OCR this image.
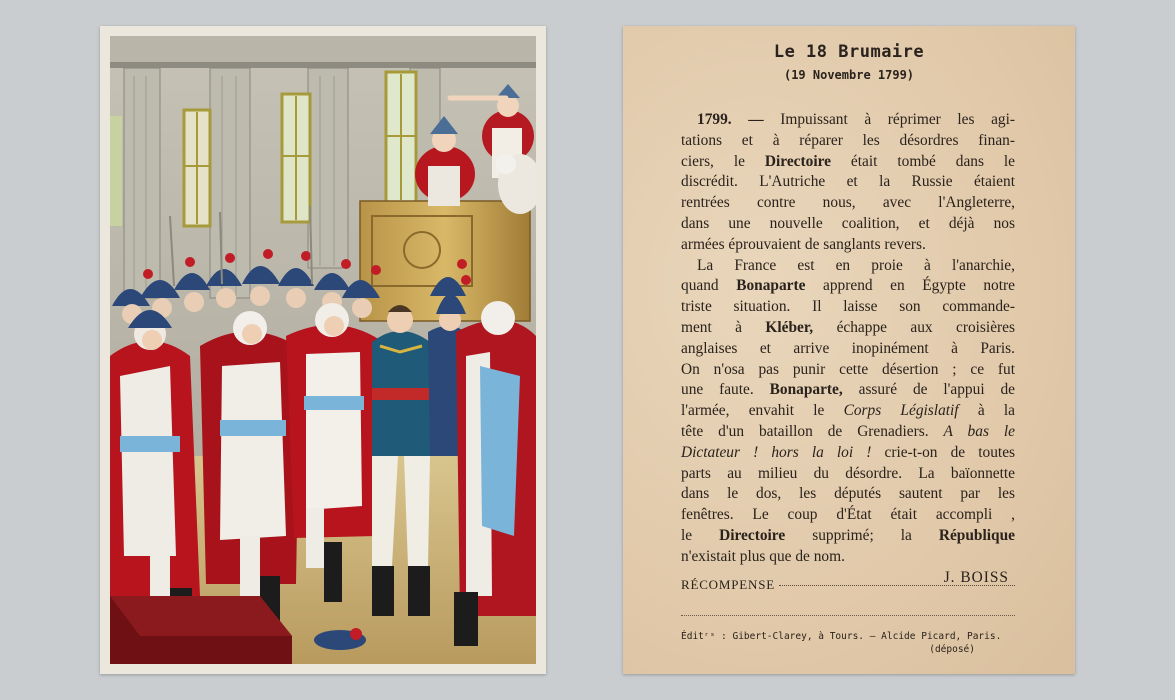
Le 18 Brumaire
(19 Novembre 1799)
1799. — Impuissant à réprimer les agi-
tations et à réparer les désordres finan-
ciers, le Directoire était tombé dans le
discrédit. L'Autriche et la Russie étaient
rentrées contre nous, avec l'Angleterre,
dans une nouvelle coalition, et déjà nos
armées éprouvaient de sanglants revers.
La France est en proie à l'anarchie,
quand Bonaparte apprend en Égypte notre
triste situation. Il laisse son commande-
ment à Kléber, échappe aux croisières
anglaises et arrive inopinément à Paris.
On n'osa pas punir cette désertion ; ce fut
une faute. Bonaparte, assuré de l'appui de
l'armée, envahit le Corps Législatif à la
tête d'un bataillon de Grenadiers. A bas le
Dictateur ! hors la loi ! crie-t-on de toutes
parts au milieu du désordre. La baïonnette
dans le dos, les députés sautent par les
fenêtres. Le coup d'État était accompli ,
le Directoire supprimé; la République
n'existait plus que de nom.
J. BOISS
RÉCOMPENSE
Éditʳˢ : Gibert-Clarey, à Tours. — Alcide Picard, Paris.
(déposé)
